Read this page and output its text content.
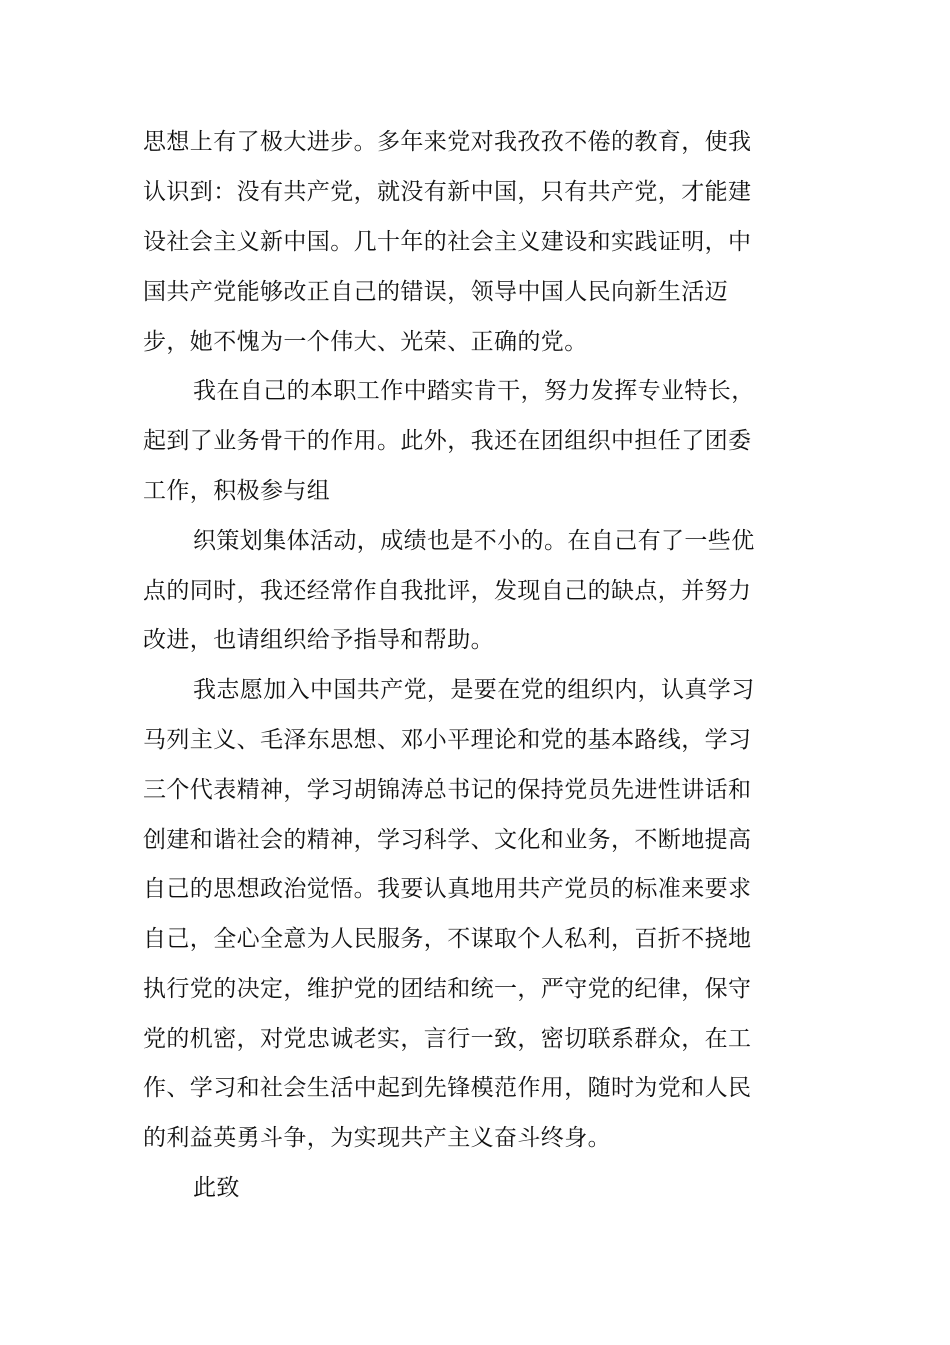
思想上有了极大进步。多年来党对我孜孜不倦的教育，使我
认识到：没有共产党，就没有新中国，只有共产党，才能建
设社会主义新中国。几十年的社会主义建设和实践证明，中
国共产党能够改正自己的错误，领导中国人民向新生活迈
步，她不愧为一个伟大、光荣、正确的党。
我在自己的本职工作中踏实肯干，努力发挥专业特长，
起到了业务骨干的作用。此外，我还在团组织中担任了团委
工作，积极参与组
织策划集体活动，成绩也是不小的。在自己有了一些优
点的同时，我还经常作自我批评，发现自己的缺点，并努力
改进，也请组织给予指导和帮助。
我志愿加入中国共产党，是要在党的组织内，认真学习
马列主义、毛泽东思想、邓小平理论和党的基本路线，学习
三个代表精神，学习胡锦涛总书记的保持党员先进性讲话和
创建和谐社会的精神，学习科学、文化和业务，不断地提高
自己的思想政治觉悟。我要认真地用共产党员的标准来要求
自己，全心全意为人民服务，不谋取个人私利，百折不挠地
执行党的决定，维护党的团结和统一，严守党的纪律，保守
党的机密，对党忠诚老实，言行一致，密切联系群众，在工
作、学习和社会生活中起到先锋模范作用，随时为党和人民
的利益英勇斗争，为实现共产主义奋斗终身。
此致
